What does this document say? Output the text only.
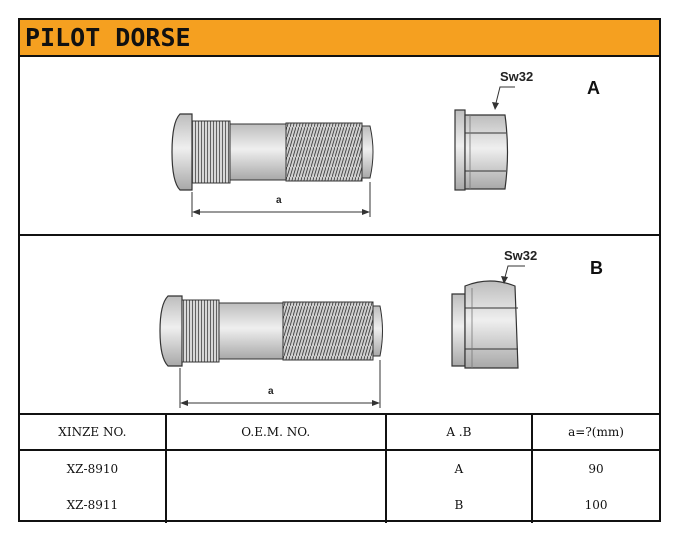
PILOT DORSE
Sw32
A
a
Sw32
B
a
XINZE NO.	O.E.M. NO.	A .B	a=?(mm)
XZ-8910		A	90
XZ-8911		B	100
